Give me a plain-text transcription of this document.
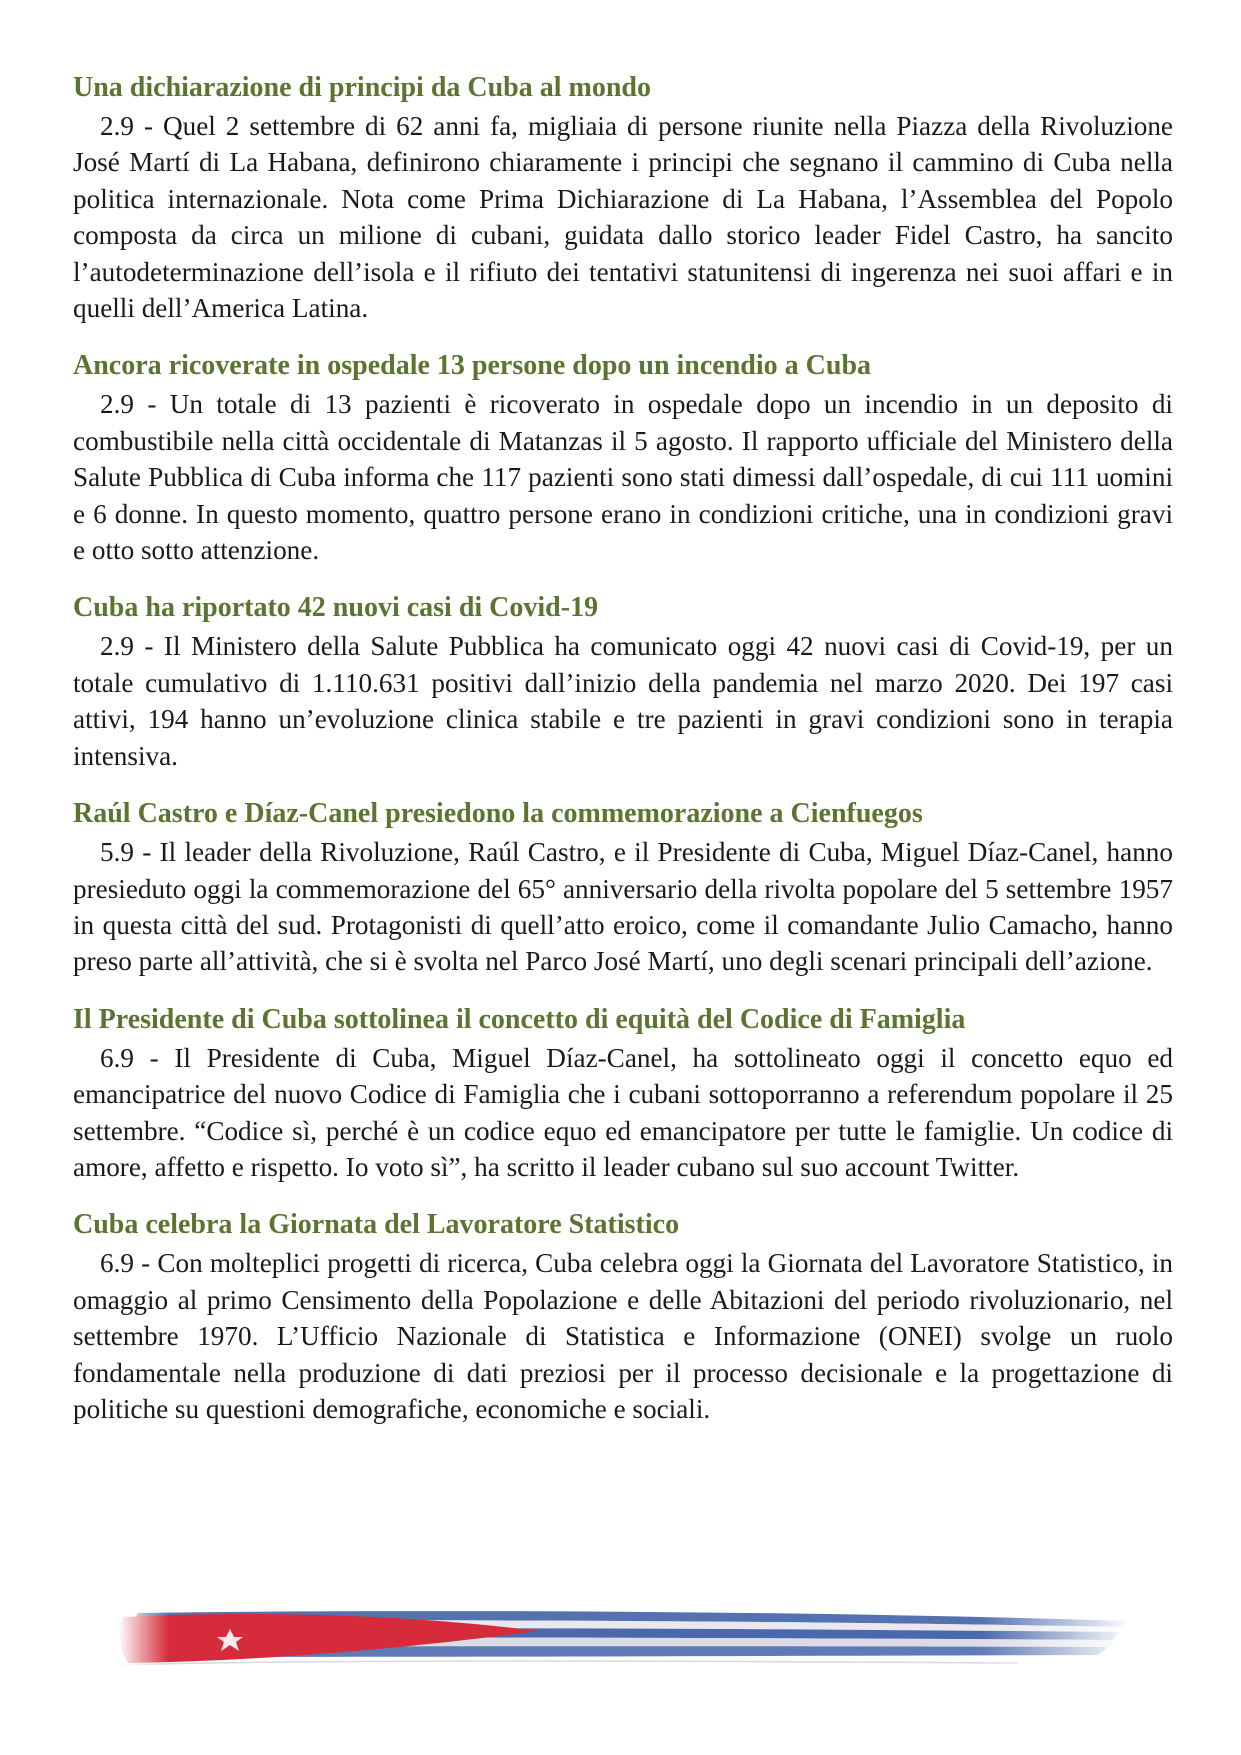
Una dichiarazione di principi da Cuba al mondo

2.9 - Quel 2 settembre di 62 anni fa, migliaia di persone riunite nella Piazza della Rivoluzione José Martí di La Habana, definirono chiaramente i principi che segnano il cammino di Cuba nella politica internazionale. Nota come Prima Dichiarazione di La Habana, l’Assemblea del Popolo composta da circa un milione di cubani, guidata dallo storico leader Fidel Castro, ha sancito l’autodeterminazione dell’isola e il rifiuto dei tentativi statunitensi di ingerenza nei suoi affari e in quelli dell’America Latina.

Ancora ricoverate in ospedale 13 persone dopo un incendio a Cuba

2.9 - Un totale di 13 pazienti è ricoverato in ospedale dopo un incendio in un deposito di combustibile nella città occidentale di Matanzas il 5 agosto. Il rapporto ufficiale del Ministero della Salute Pubblica di Cuba informa che 117 pazienti sono stati dimessi dall’ospedale, di cui 111 uomini e 6 donne. In questo momento, quattro persone erano in condizioni critiche, una in condizioni gravi e otto sotto attenzione.

Cuba ha riportato 42 nuovi casi di Covid-19

2.9 - Il Ministero della Salute Pubblica ha comunicato oggi 42 nuovi casi di Covid-19, per un totale cumulativo di 1.110.631 positivi dall’inizio della pandemia nel marzo 2020. Dei 197 casi attivi, 194 hanno un’evoluzione clinica stabile e tre pazienti in gravi condizioni sono in terapia intensiva.

Raúl Castro e Díaz-Canel presiedono la commemorazione a Cienfuegos

5.9 - Il leader della Rivoluzione, Raúl Castro, e il Presidente di Cuba, Miguel Díaz-Canel, hanno presieduto oggi la commemorazione del 65° anniversario della rivolta popolare del 5 settembre 1957 in questa città del sud. Protagonisti di quell’atto eroico, come il comandante Julio Camacho, hanno preso parte all’attività, che si è svolta nel Parco José Martí, uno degli scenari principali dell’azione.

Il Presidente di Cuba sottolinea il concetto di equità del Codice di Famiglia

6.9 - Il Presidente di Cuba, Miguel Díaz-Canel, ha sottolineato oggi il concetto equo ed emancipatrice del nuovo Codice di Famiglia che i cubani sottoporranno a referendum popolare il 25 settembre. “Codice sì, perché è un codice equo ed emancipatore per tutte le famiglie. Un codice di amore, affetto e rispetto. Io voto sì”, ha scritto il leader cubano sul suo account Twitter.

Cuba celebra la Giornata del Lavoratore Statistico

6.9 - Con molteplici progetti di ricerca, Cuba celebra oggi la Giornata del Lavoratore Statistico, in omaggio al primo Censimento della Popolazione e delle Abitazioni del periodo rivoluzionario, nel settembre 1970. L’Ufficio Nazionale di Statistica e Informazione (ONEI) svolge un ruolo fondamentale nella produzione di dati preziosi per il processo decisionale e la progettazione di politiche su questioni demografiche, economiche e sociali.
